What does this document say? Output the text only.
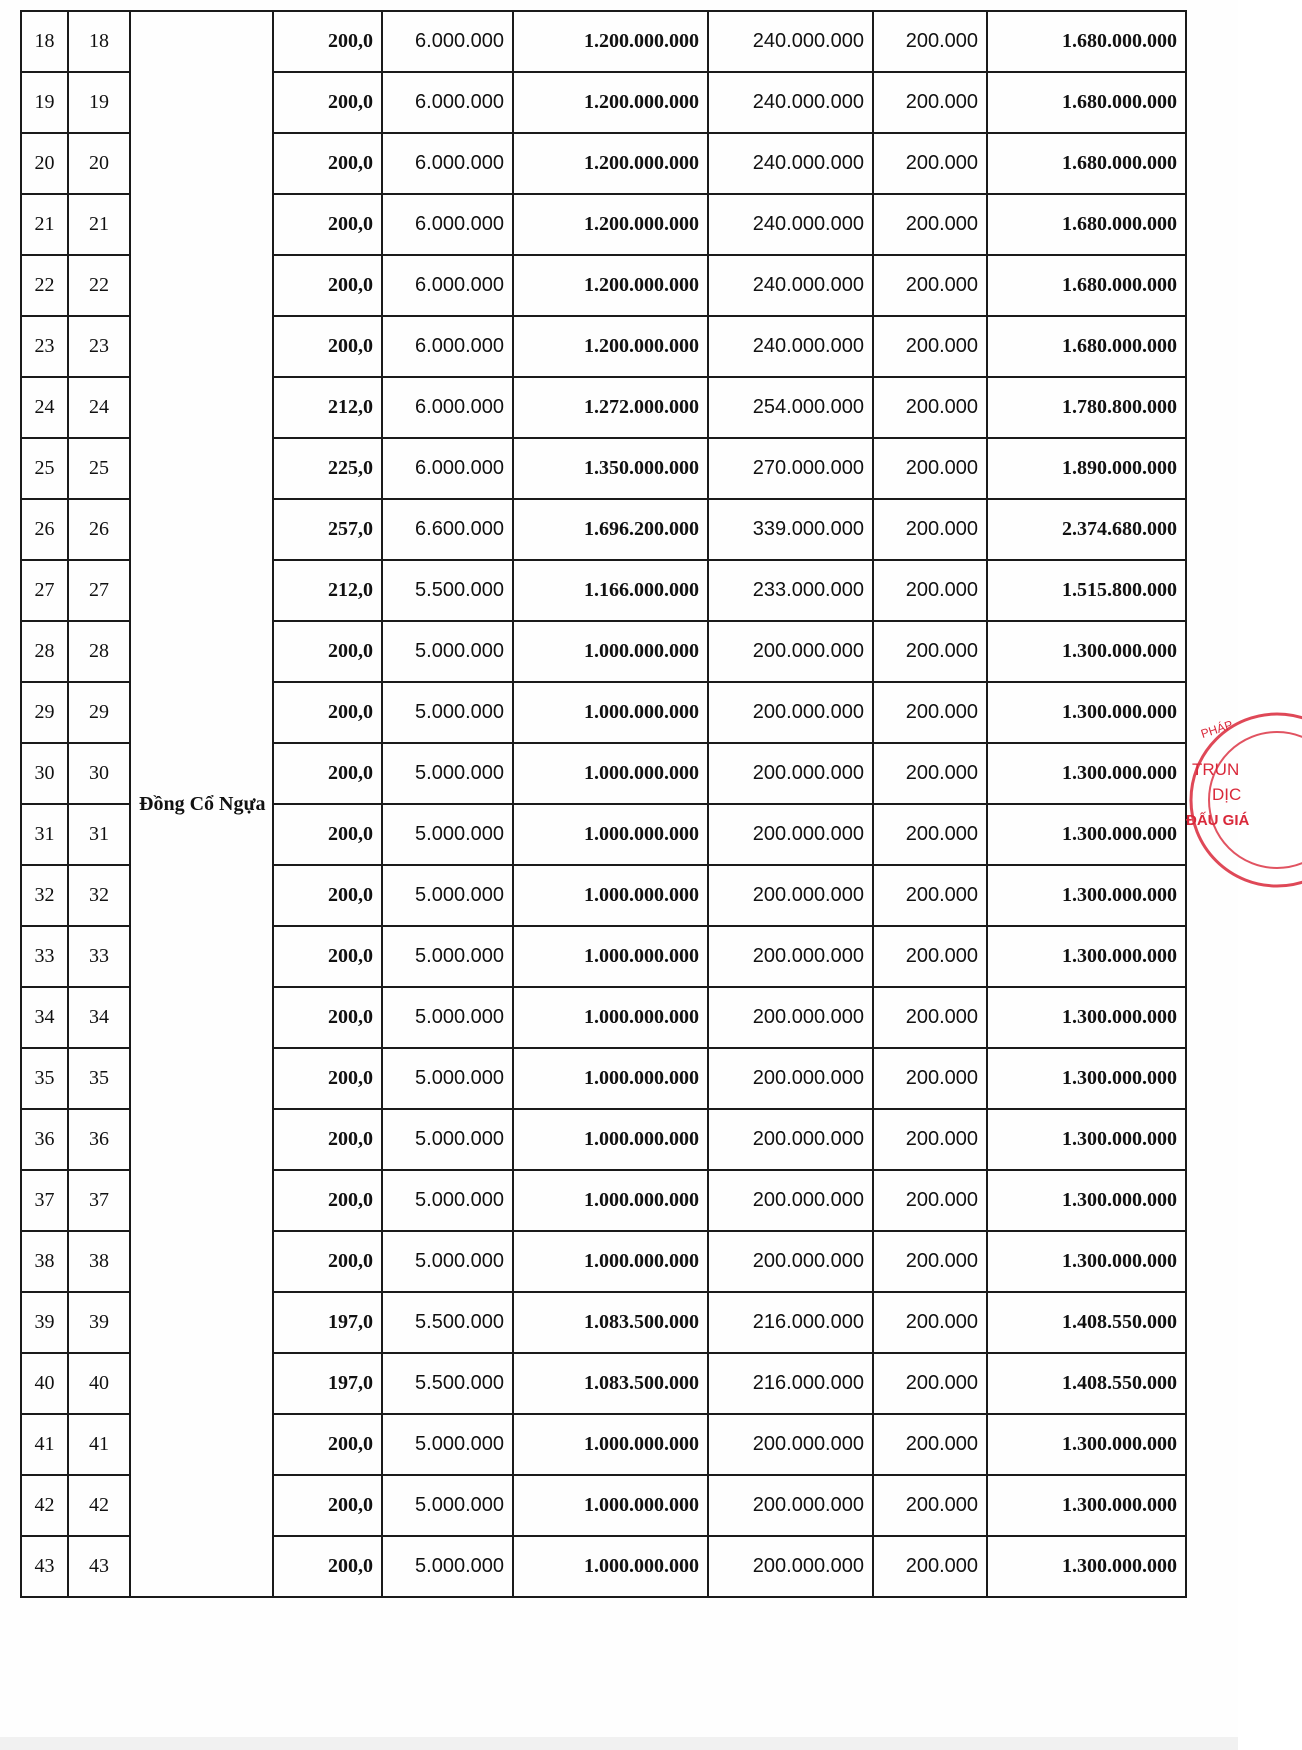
18	18	Đồng Cổ Ngựa	200,0	6.000.000	1.200.000.000	240.000.000	200.000	1.680.000.000
19	19		200,0	6.000.000	1.200.000.000	240.000.000	200.000	1.680.000.000
20	20		200,0	6.000.000	1.200.000.000	240.000.000	200.000	1.680.000.000
21	21		200,0	6.000.000	1.200.000.000	240.000.000	200.000	1.680.000.000
22	22		200,0	6.000.000	1.200.000.000	240.000.000	200.000	1.680.000.000
23	23		200,0	6.000.000	1.200.000.000	240.000.000	200.000	1.680.000.000
24	24		212,0	6.000.000	1.272.000.000	254.000.000	200.000	1.780.800.000
25	25		225,0	6.000.000	1.350.000.000	270.000.000	200.000	1.890.000.000
26	26		257,0	6.600.000	1.696.200.000	339.000.000	200.000	2.374.680.000
27	27		212,0	5.500.000	1.166.000.000	233.000.000	200.000	1.515.800.000
28	28		200,0	5.000.000	1.000.000.000	200.000.000	200.000	1.300.000.000
29	29		200,0	5.000.000	1.000.000.000	200.000.000	200.000	1.300.000.000
30	30		200,0	5.000.000	1.000.000.000	200.000.000	200.000	1.300.000.000
31	31		200,0	5.000.000	1.000.000.000	200.000.000	200.000	1.300.000.000
32	32		200,0	5.000.000	1.000.000.000	200.000.000	200.000	1.300.000.000
33	33		200,0	5.000.000	1.000.000.000	200.000.000	200.000	1.300.000.000
34	34		200,0	5.000.000	1.000.000.000	200.000.000	200.000	1.300.000.000
35	35		200,0	5.000.000	1.000.000.000	200.000.000	200.000	1.300.000.000
36	36		200,0	5.000.000	1.000.000.000	200.000.000	200.000	1.300.000.000
37	37		200,0	5.000.000	1.000.000.000	200.000.000	200.000	1.300.000.000
38	38		200,0	5.000.000	1.000.000.000	200.000.000	200.000	1.300.000.000
39	39		197,0	5.500.000	1.083.500.000	216.000.000	200.000	1.408.550.000
40	40		197,0	5.500.000	1.083.500.000	216.000.000	200.000	1.408.550.000
41	41		200,0	5.000.000	1.000.000.000	200.000.000	200.000	1.300.000.000
42	42		200,0	5.000.000	1.000.000.000	200.000.000	200.000	1.300.000.000
43	43		200,0	5.000.000	1.000.000.000	200.000.000	200.000	1.300.000.000
PHÁP
TRUN
DỊC
ĐẤU GIÁ
